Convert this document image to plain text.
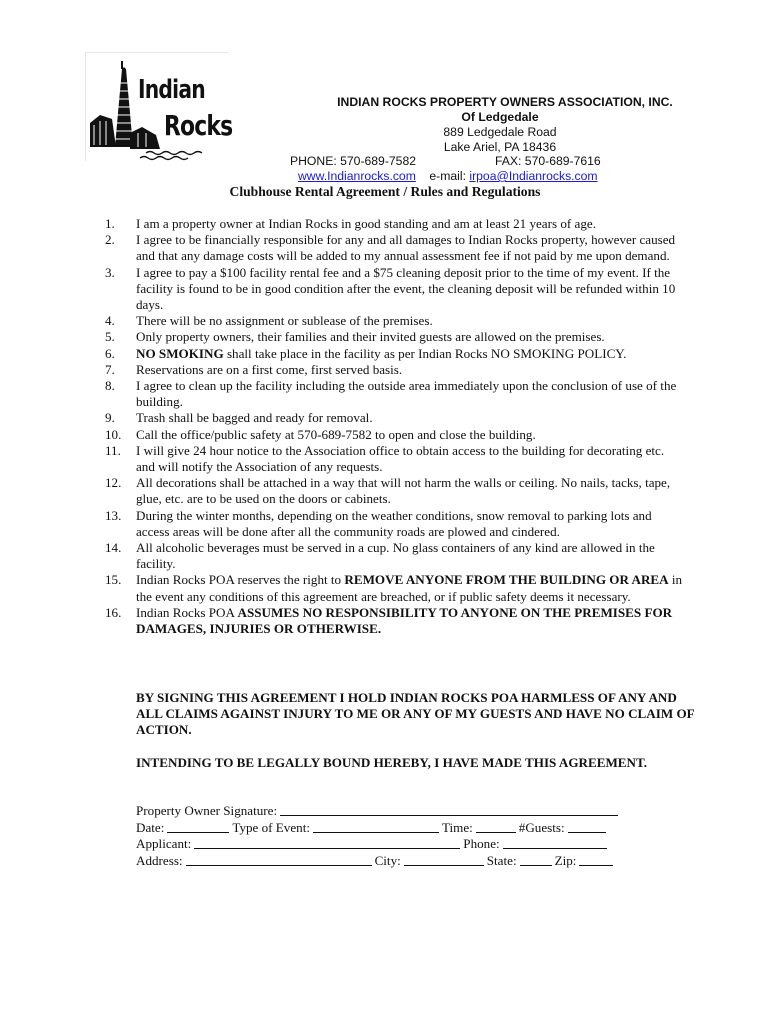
Indian
Rocks
INDIAN ROCKS PROPERTY OWNERS ASSOCIATION, INC.
Of Ledgedale
889 Ledgedale Road
Lake Ariel, PA 18436
PHONE: 570-689-7582	FAX: 570-689-7616
www.Indianrocks.com e-mail: irpoa@Indianrocks.com
Clubhouse Rental Agreement / Rules and Regulations
1.	I am a property owner at Indian Rocks in good standing and am at least 21 years of age.
2.	I agree to be financially responsible for any and all damages to Indian Rocks property, however caused and that any damage costs will be added to my annual assessment fee if not paid by me upon demand.
3.	I agree to pay a $100 facility rental fee and a $75 cleaning deposit prior to the time of my event. If the facility is found to be in good condition after the event, the cleaning deposit will be refunded within 10 days.
4.	There will be no assignment or sublease of the premises.
5.	Only property owners, their families and their invited guests are allowed on the premises.
6.	NO SMOKING shall take place in the facility as per Indian Rocks NO SMOKING POLICY.
7.	Reservations are on a first come, first served basis.
8.	I agree to clean up the facility including the outside area immediately upon the conclusion of use of the building.
9.	Trash shall be bagged and ready for removal.
10.	Call the office/public safety at 570-689-7582 to open and close the building.
11.	I will give 24 hour notice to the Association office to obtain access to the building for decorating etc. and will notify the Association of any requests.
12.	All decorations shall be attached in a way that will not harm the walls or ceiling. No nails, tacks, tape, glue, etc. are to be used on the doors or cabinets.
13.	During the winter months, depending on the weather conditions, snow removal to parking lots and access areas will be done after all the community roads are plowed and cindered.
14.	All alcoholic beverages must be served in a cup. No glass containers of any kind are allowed in the facility.
15.	Indian Rocks POA reserves the right to REMOVE ANYONE FROM THE BUILDING OR AREA in the event any conditions of this agreement are breached, or if public safety deems it necessary.
16.	Indian Rocks POA ASSUMES NO RESPONSIBILITY TO ANYONE ON THE PREMISES FOR DAMAGES, INJURIES OR OTHERWISE.
BY SIGNING THIS AGREEMENT I HOLD INDIAN ROCKS POA HARMLESS OF ANY AND ALL CLAIMS AGAINST INJURY TO ME OR ANY OF MY GUESTS AND HAVE NO CLAIM OF ACTION.
INTENDING TO BE LEGALLY BOUND HEREBY, I HAVE MADE THIS AGREEMENT.
Property Owner Signature:
Date:	Type of Event:	Time:	#Guests:
Applicant:	Phone:
Address:	City:	State:	Zip:
